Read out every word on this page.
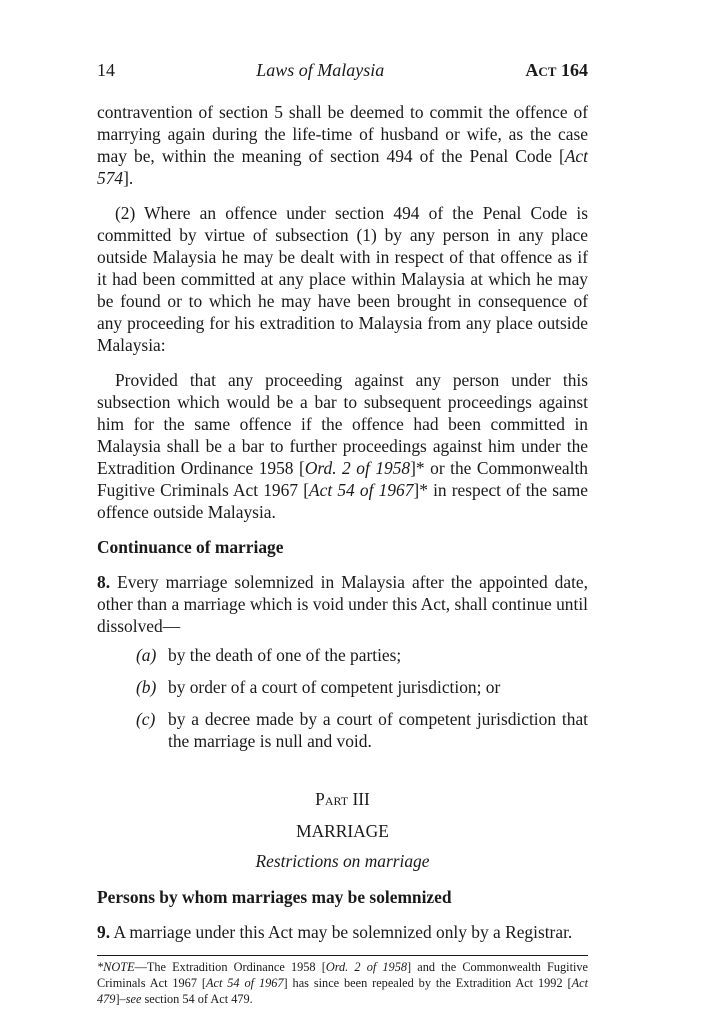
14	Laws of Malaysia	Act 164

contravention of section 5 shall be deemed to commit the offence of marrying again during the life-time of husband or wife, as the case may be, within the meaning of section 494 of the Penal Code [Act 574].

(2) Where an offence under section 494 of the Penal Code is committed by virtue of subsection (1) by any person in any place outside Malaysia he may be dealt with in respect of that offence as if it had been committed at any place within Malaysia at which he may be found or to which he may have been brought in consequence of any proceeding for his extradition to Malaysia from any place outside Malaysia:

Provided that any proceeding against any person under this subsection which would be a bar to subsequent proceedings against him for the same offence if the offence had been committed in Malaysia shall be a bar to further proceedings against him under the Extradition Ordinance 1958 [Ord. 2 of 1958]* or the Commonwealth Fugitive Criminals Act 1967 [Act 54 of 1967]* in respect of the same offence outside Malaysia.

Continuance of marriage

8. Every marriage solemnized in Malaysia after the appointed date, other than a marriage which is void under this Act, shall continue until dissolved—

(a) by the death of one of the parties;
(b) by order of a court of competent jurisdiction; or
(c) by a decree made by a court of competent jurisdiction that the marriage is null and void.

Part III

MARRIAGE

Restrictions on marriage

Persons by whom marriages may be solemnized

9. A marriage under this Act may be solemnized only by a Registrar.

*NOTE—The Extradition Ordinance 1958 [Ord. 2 of 1958] and the Commonwealth Fugitive Criminals Act 1967 [Act 54 of 1967] has since been repealed by the Extradition Act 1992 [Act 479]–see section 54 of Act 479.
